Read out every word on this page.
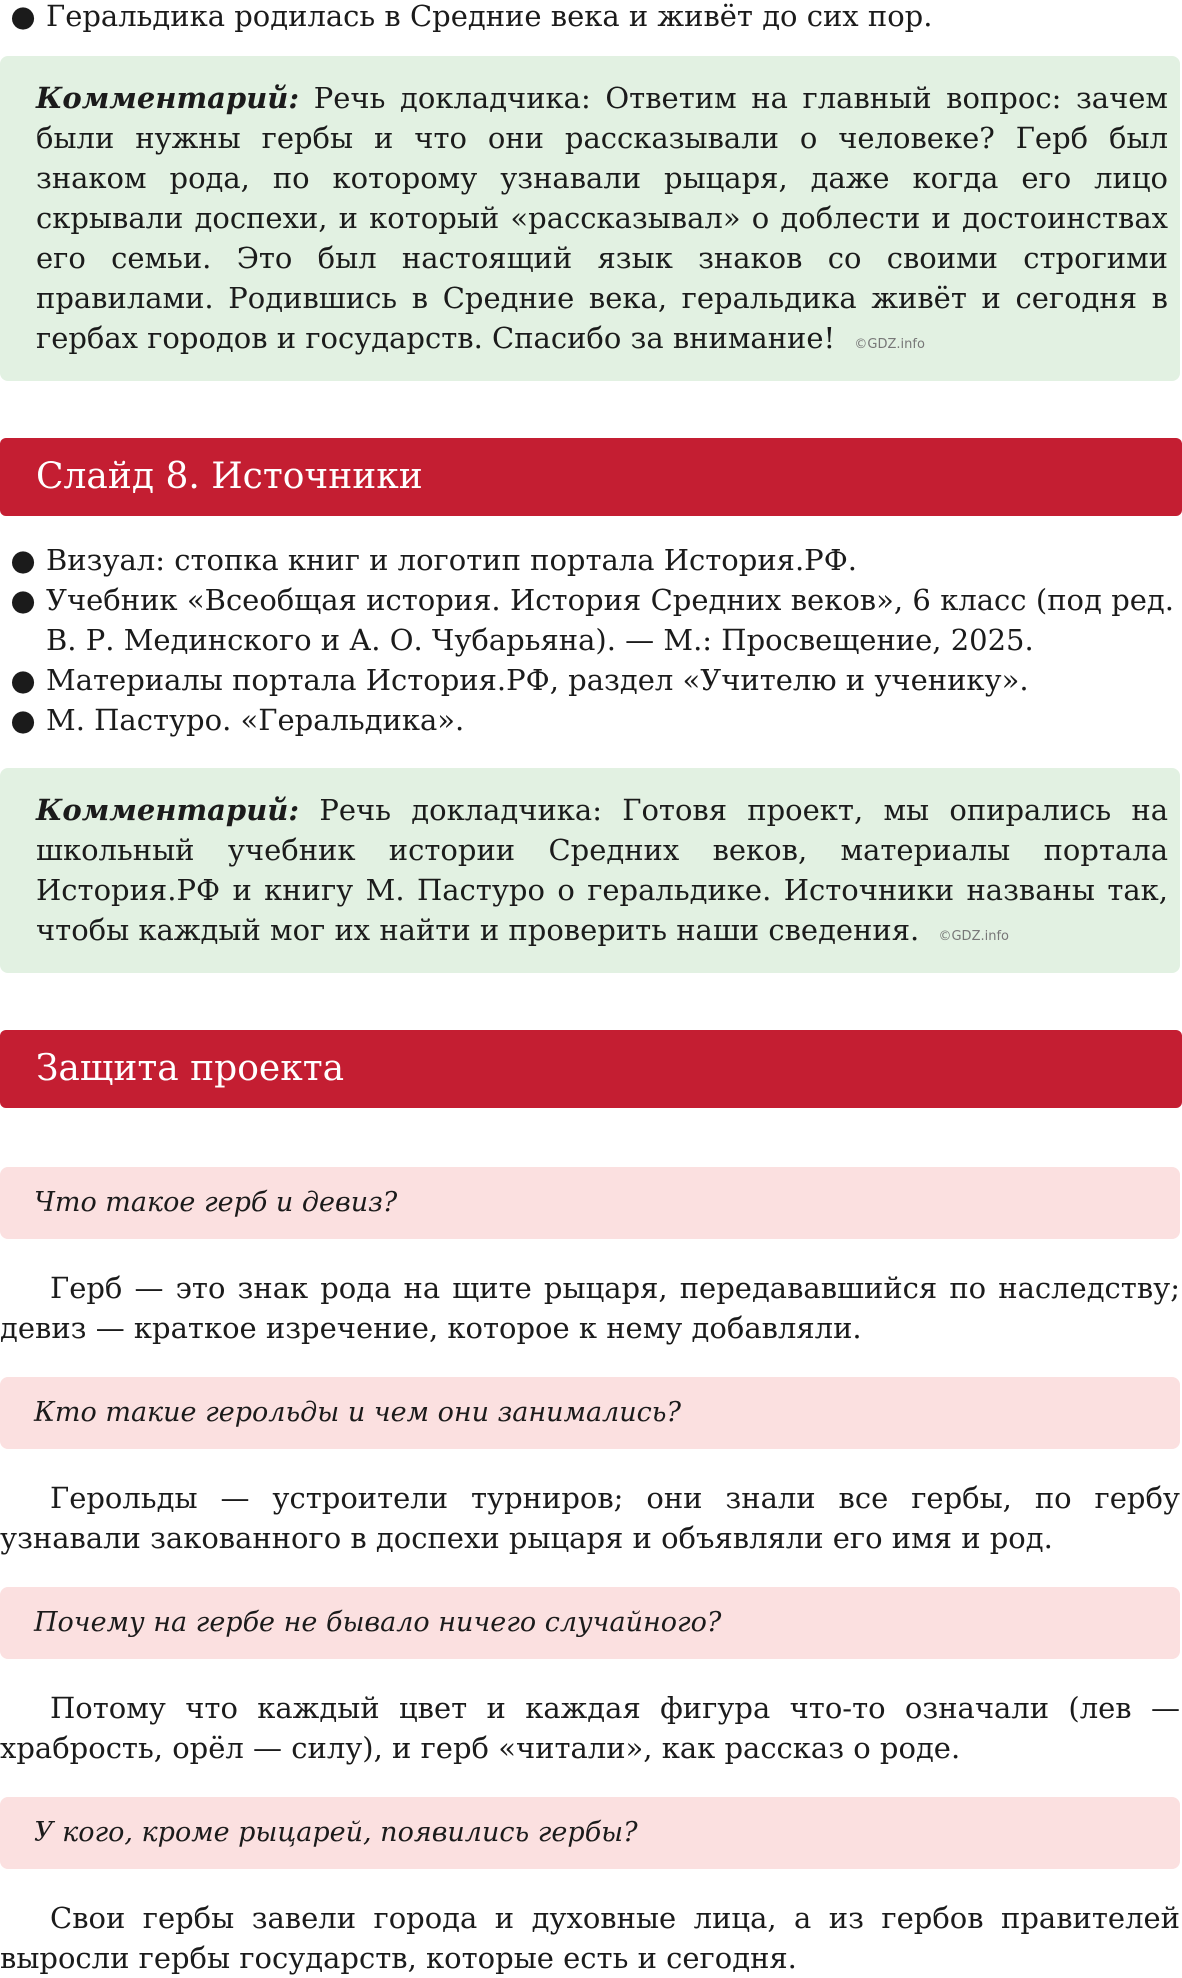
● Геральдика родилась в Средние века и живёт до сих пор.
Комментарий: Речь докладчика: Ответим на главный вопрос: зачем были нужны гербы и что они рассказывали о человеке? Герб был знаком рода, по которому узнавали рыцаря, даже когда его лицо скрывали доспехи, и который «рассказывал» о доблести и достоинствах его семьи. Это был настоящий язык знаков со своими строгими правилами. Родившись в Средние века, геральдика живёт и сегодня в гербах городов и государств. Спасибо за внимание! ©GDZ.info
Слайд 8. Источники
● Визуал: стопка книг и логотип портала История.РФ.
● Учебник «Всеобщая история. История Средних веков», 6 класс (под ред. В. Р. Мединского и А. О. Чубарьяна). — М.: Просвещение, 2025.
● Материалы портала История.РФ, раздел «Учителю и ученику».
● М. Пастуро. «Геральдика».
Комментарий: Речь докладчика: Готовя проект, мы опирались на школьный учебник истории Средних веков, материалы портала История.РФ и книгу М. Пастуро о геральдике. Источники названы так, чтобы каждый мог их найти и проверить наши сведения. ©GDZ.info
Защита проекта
Что такое герб и девиз?
Герб — это знак рода на щите рыцаря, передававшийся по наследству; девиз — краткое изречение, которое к нему добавляли.
Кто такие герольды и чем они занимались?
Герольды — устроители турниров; они знали все гербы, по гербу узнавали закованного в доспехи рыцаря и объявляли его имя и род.
Почему на гербе не бывало ничего случайного?
Потому что каждый цвет и каждая фигура что-то означали (лев — храбрость, орёл — силу), и герб «читали», как рассказ о роде.
У кого, кроме рыцарей, появились гербы?
Свои гербы завели города и духовные лица, а из гербов правителей выросли гербы государств, которые есть и сегодня.
